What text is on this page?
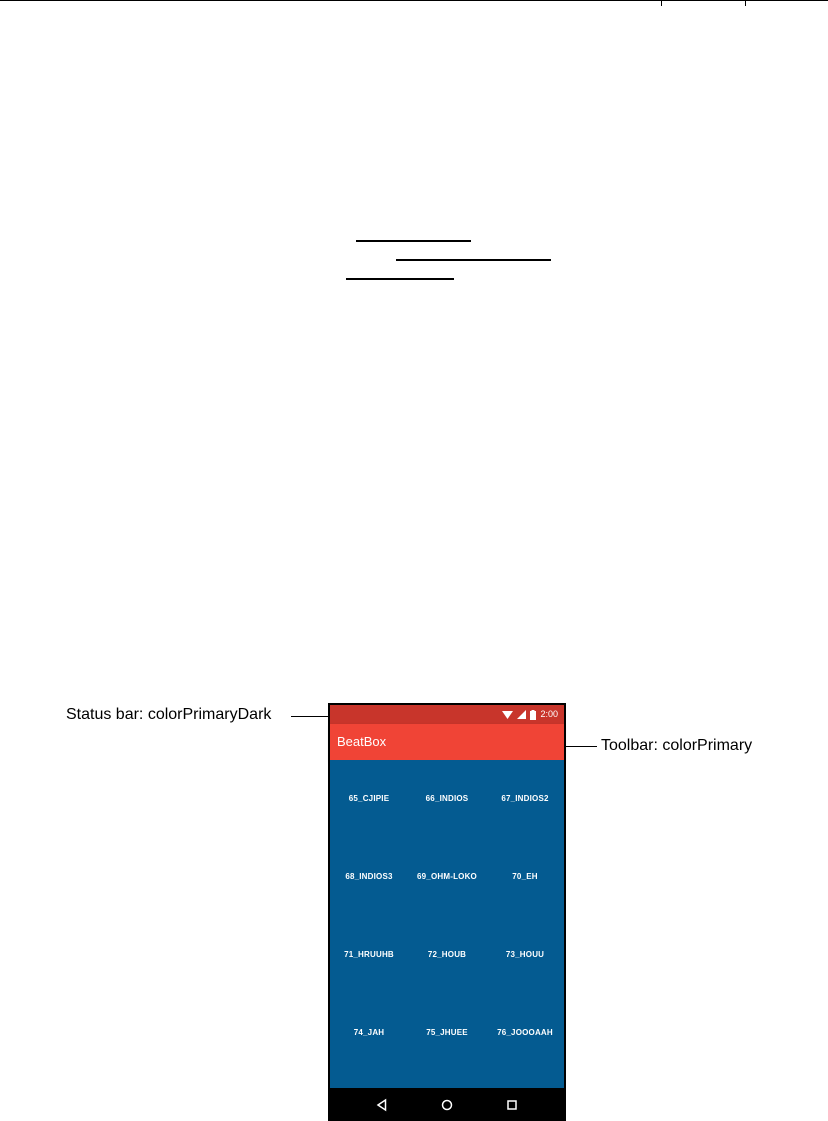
Status bar: colorPrimaryDark
Toolbar: colorPrimary
2:00
BeatBox
65_CJIPIE	66_INDIOS	67_INDIOS2
68_INDIOS3	69_OHM-LOKO	70_EH
71_HRUUHB	72_HOUB	73_HOUU
74_JAH	75_JHUEE	76_JOOOAAH
